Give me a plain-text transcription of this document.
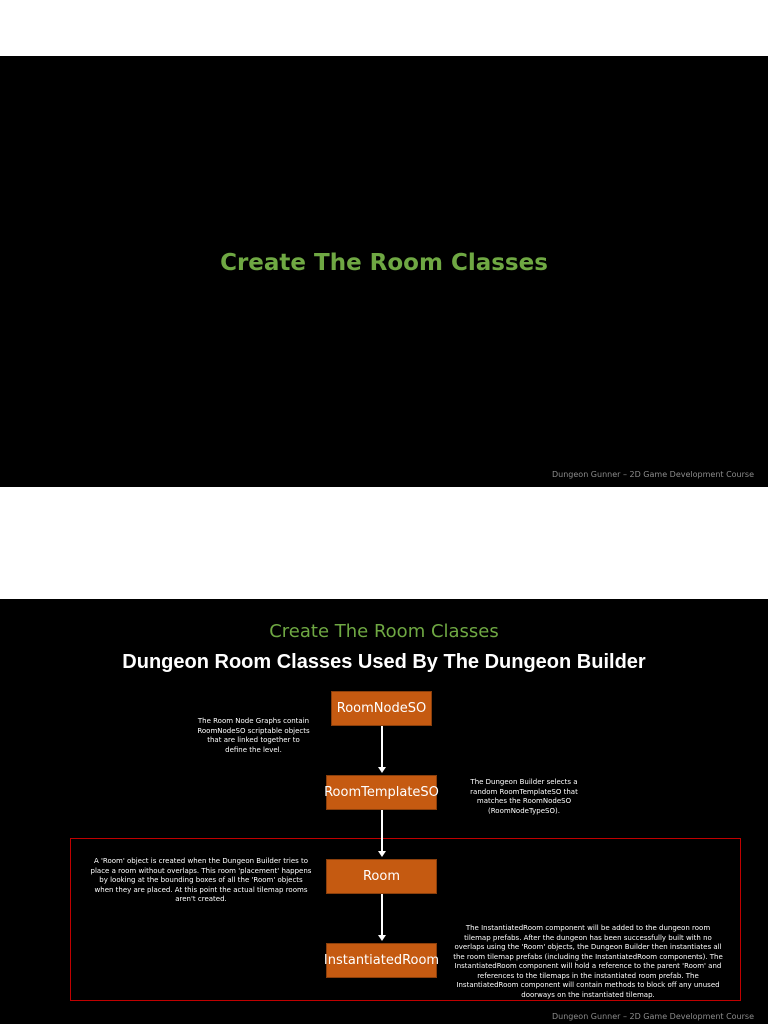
Create The Room Classes
Dungeon Gunner – 2D Game Development Course
Create The Room Classes
Dungeon Room Classes Used By The Dungeon Builder
RoomNodeSO
RoomTemplateSO
Room
InstantiatedRoom
The Room Node Graphs contain RoomNodeSO scriptable objects that are linked together to define the level.
The Dungeon Builder selects a random RoomTemplateSO that matches the RoomNodeSO (RoomNodeTypeSO).
A 'Room' object is created when the Dungeon Builder tries to place a room without overlaps. This room 'placement' happens by looking at the bounding boxes of all the 'Room' objects when they are placed. At this point the actual tilemap rooms aren't created.
The InstantiatedRoom component will be added to the dungeon room tilemap prefabs. After the dungeon has been successfully built with no overlaps using the 'Room' objects, the Dungeon Builder then instantiates all the room tilemap prefabs (including the InstantiatedRoom components). The InstantiatedRoom component will hold a reference to the parent 'Room' and references to the tilemaps in the instantiated room prefab. The InstantiatedRoom component will contain methods to block off any unused doorways on the instantiated tilemap.
Dungeon Gunner – 2D Game Development Course
